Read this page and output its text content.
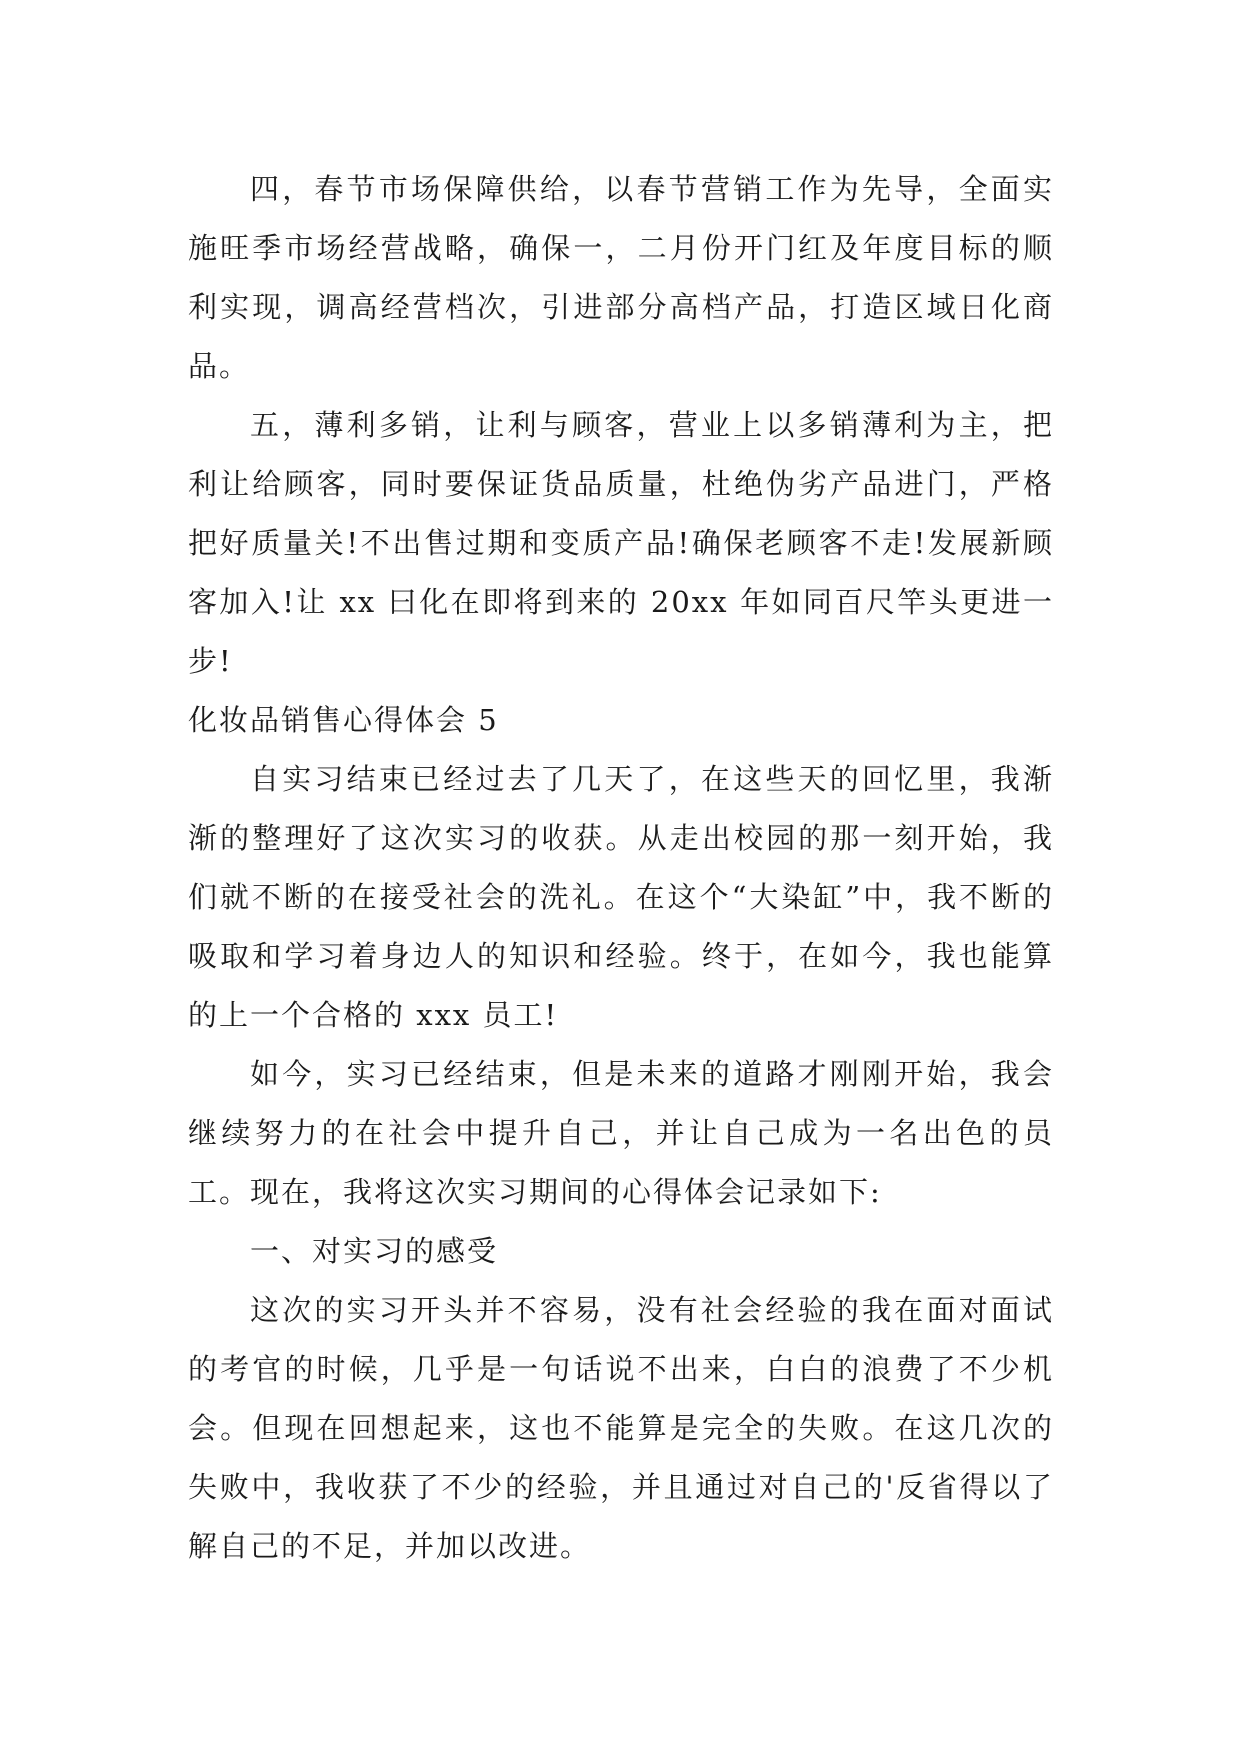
四，春节市场保障供给，以春节营销工作为先导，全面实施旺季市场经营战略，确保一，二月份开门红及年度目标的顺利实现，调高经营档次，引进部分高档产品，打造区域日化商品。

五，薄利多销，让利与顾客，营业上以多销薄利为主，把利让给顾客，同时要保证货品质量，杜绝伪劣产品进门，严格把好质量关!不出售过期和变质产品!确保老顾客不走!发展新顾客加入!让 xx 曰化在即将到来的 20xx 年如同百尺竿头更进一步!

化妆品销售心得体会 5

自实习结束已经过去了几天了，在这些天的回忆里，我渐渐的整理好了这次实习的收获。从走出校园的那一刻开始，我们就不断的在接受社会的洗礼。在这个“大染缸”中，我不断的吸取和学习着身边人的知识和经验。终于，在如今，我也能算的上一个合格的 xxx 员工!

如今，实习已经结束，但是未来的道路才刚刚开始，我会继续努力的在社会中提升自己，并让自己成为一名出色的员工。现在，我将这次实习期间的心得体会记录如下:

一、对实习的感受

这次的实习开头并不容易，没有社会经验的我在面对面试的考官的时候，几乎是一句话说不出来，白白的浪费了不少机会。但现在回想起来，这也不能算是完全的失败。在这几次的失败中，我收获了不少的经验，并且通过对自己的'反省得以了解自己的不足，并加以改进。
